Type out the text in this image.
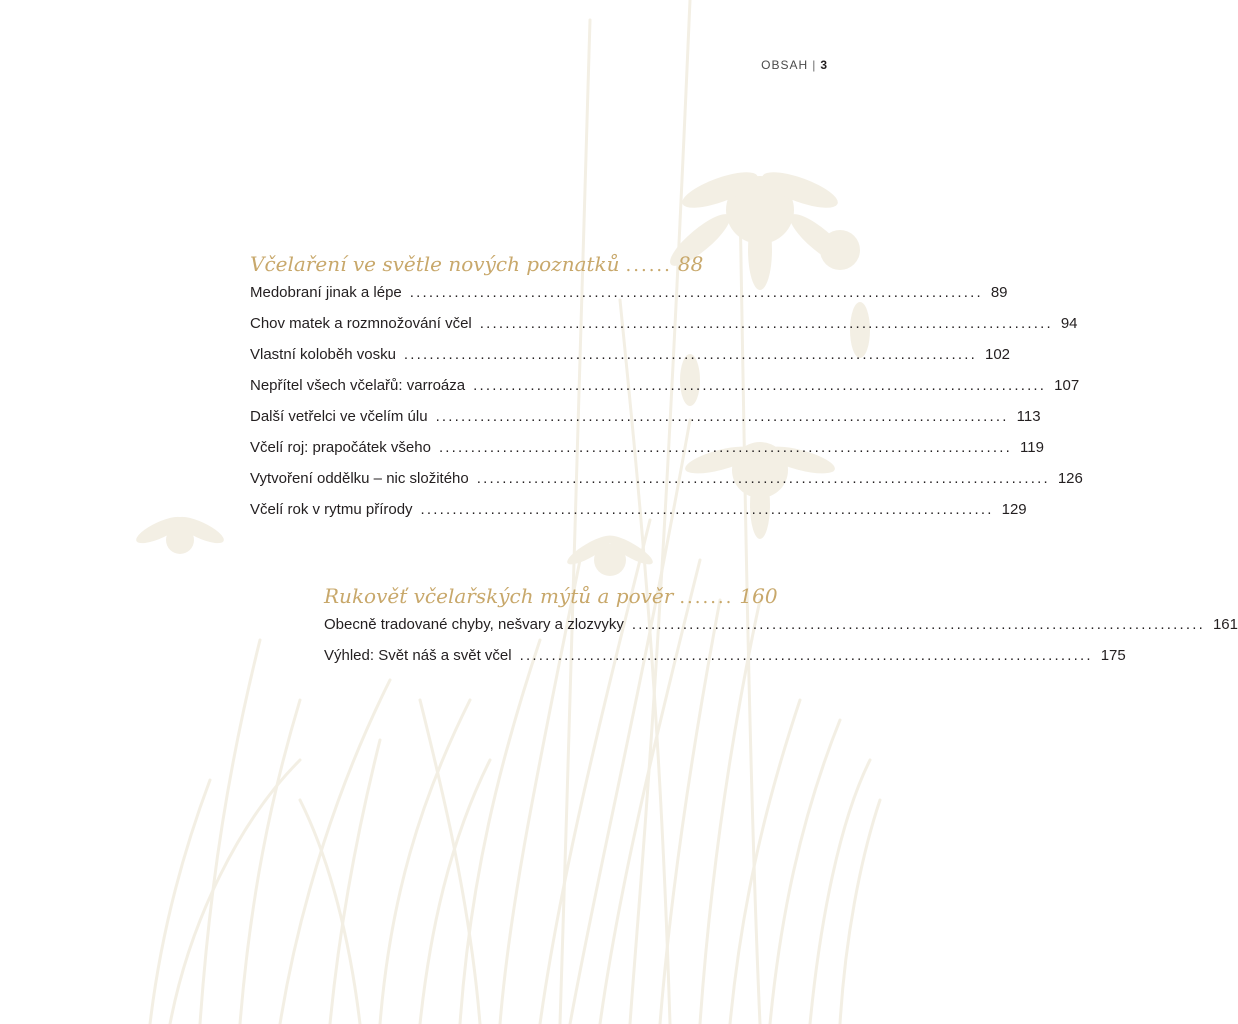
OBSAH | 3
Včelaření ve světle nových poznatků ...... 88
Medobraní jinak a lépe .......................................................................................... 89
Chov matek a rozmnožování včel .......................................................................................... 94
Vlastní koloběh vosku .......................................................................................... 102
Nepřítel všech včelařů: varroáza .......................................................................................... 107
Další vetřelci ve včelím úlu .......................................................................................... 113
Včelí roj: prapočátek všeho .......................................................................................... 119
Vytvoření oddělku – nic složitého .......................................................................................... 126
Včelí rok v rytmu přírody .......................................................................................... 129
Rukověť včelařských mýtů a pověr ....... 160
Obecně tradované chyby, nešvary a zlozvyky .......................................................................................... 161
Výhled: Svět náš a svět včel .......................................................................................... 175
